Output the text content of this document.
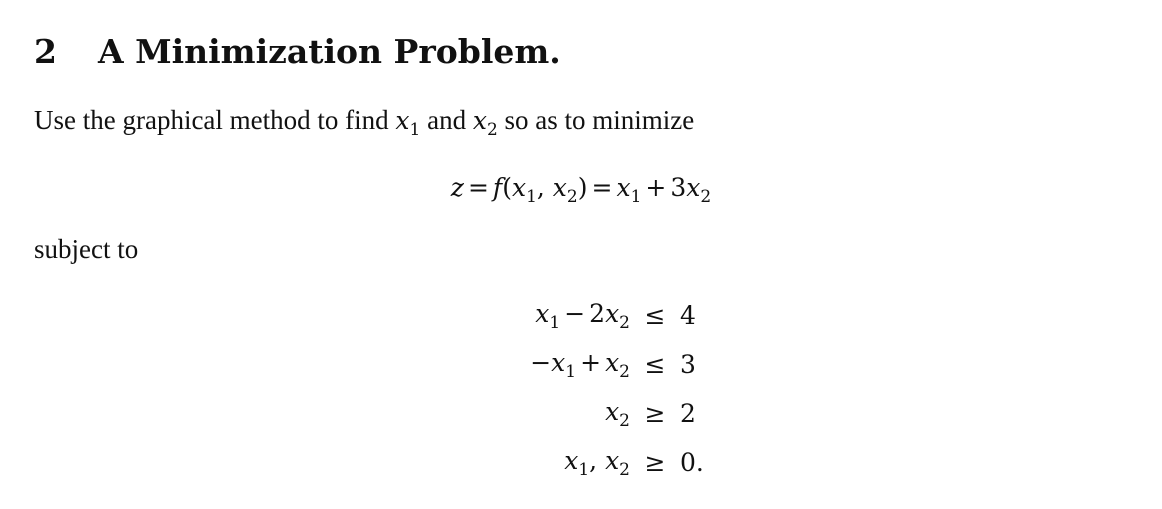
2 A Minimization Problem.
Use the graphical method to find $x_1$ and $x_2$ so as to minimize
$z = f(x_1$, $x_2) = x_1 + 3x_2$
subject to
$x_1 - 2x_2$	≤	4
$-x_1 + x_2$	≤	3
$x_2$	≥	2
$x_1$, $x_2$	≥	0.
